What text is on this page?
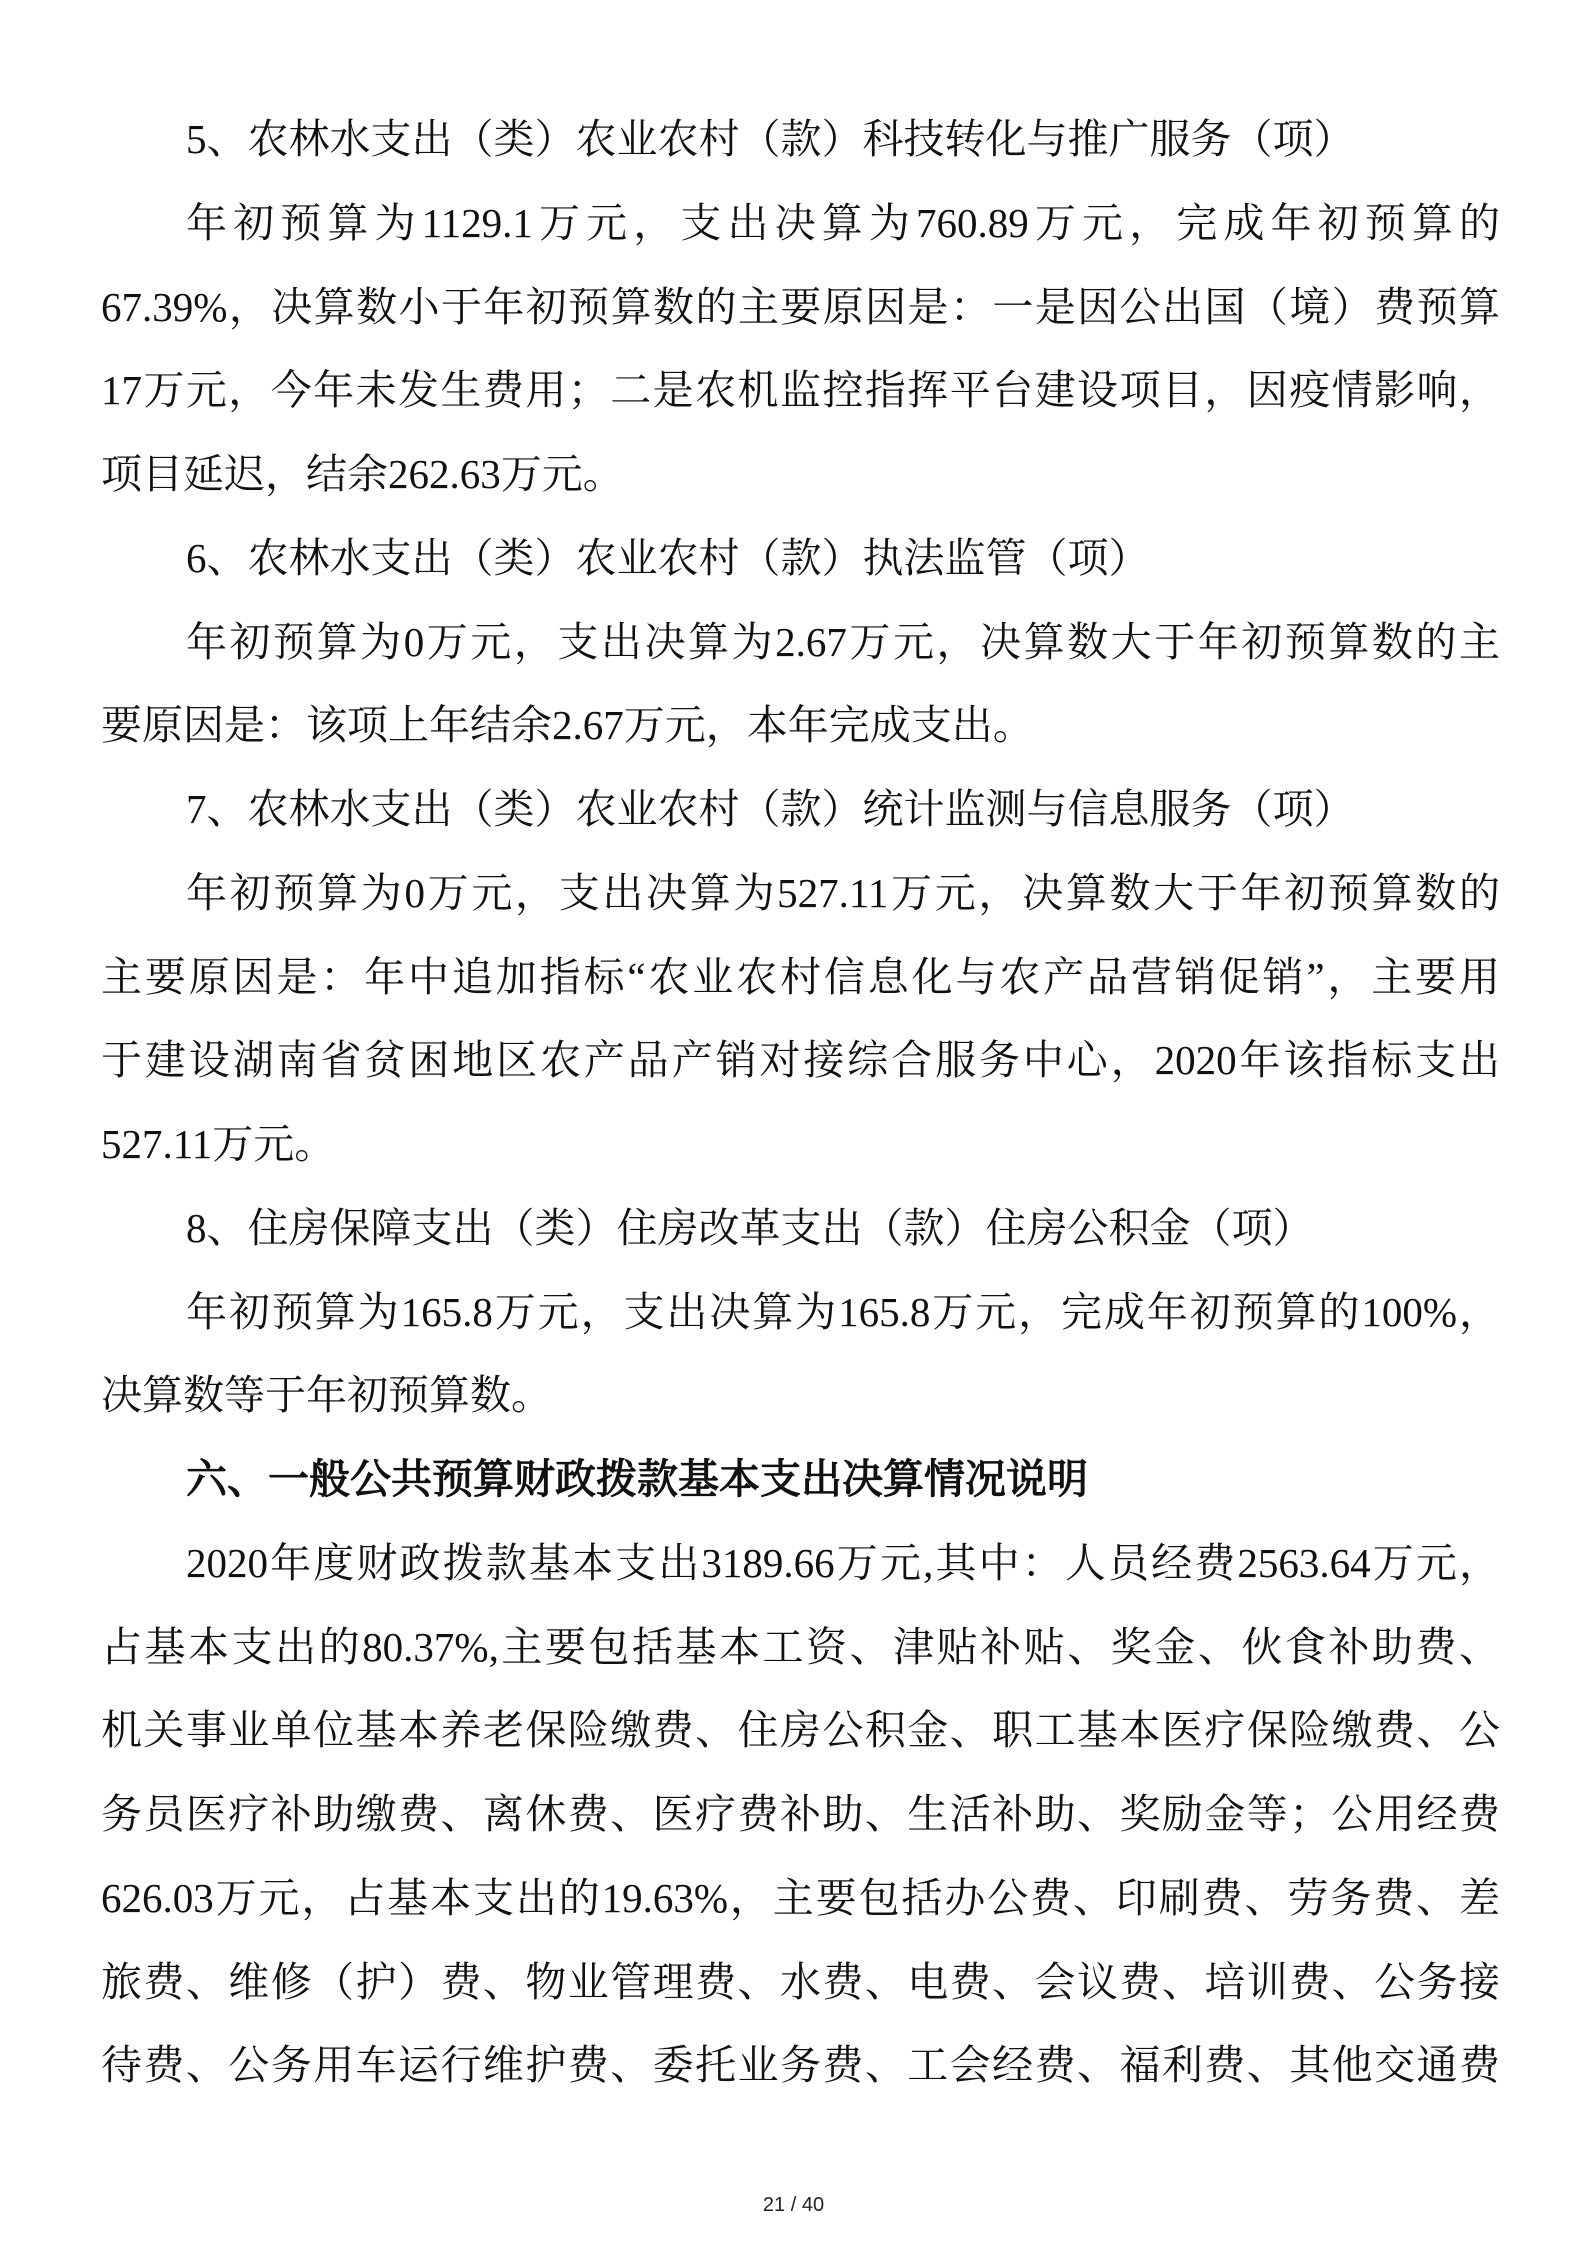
5、农林水支出（类）农业农村（款）科技转化与推广服务（项）
年初预算为1129.1万元，支出决算为760.89万元，完成年初预算的
67.39%，决算数小于年初预算数的主要原因是：一是因公出国（境）费预算
17万元，今年未发生费用；二是农机监控指挥平台建设项目，因疫情影响，
项目延迟，结余262.63万元。
6、农林水支出（类）农业农村（款）执法监管（项）
年初预算为0万元，支出决算为2.67万元，决算数大于年初预算数的主
要原因是：该项上年结余2.67万元，本年完成支出。
7、农林水支出（类）农业农村（款）统计监测与信息服务（项）
年初预算为0万元，支出决算为527.11万元，决算数大于年初预算数的
主要原因是：年中追加指标“农业农村信息化与农产品营销促销”，主要用
于建设湖南省贫困地区农产品产销对接综合服务中心，2020年该指标支出
527.11万元。
8、住房保障支出（类）住房改革支出（款）住房公积金（项）
年初预算为165.8万元，支出决算为165.8万元，完成年初预算的100%，
决算数等于年初预算数。
六、一般公共预算财政拨款基本支出决算情况说明
2020年度财政拨款基本支出3189.66万元,其中：人员经费2563.64万元，
占基本支出的80.37%,主要包括基本工资、津贴补贴、奖金、伙食补助费、
机关事业单位基本养老保险缴费、住房公积金、职工基本医疗保险缴费、公
务员医疗补助缴费、离休费、医疗费补助、生活补助、奖励金等；公用经费
626.03万元，占基本支出的19.63%，主要包括办公费、印刷费、劳务费、差
旅费、维修（护）费、物业管理费、水费、电费、会议费、培训费、公务接
待费、公务用车运行维护费、委托业务费、工会经费、福利费、其他交通费
21 / 40
